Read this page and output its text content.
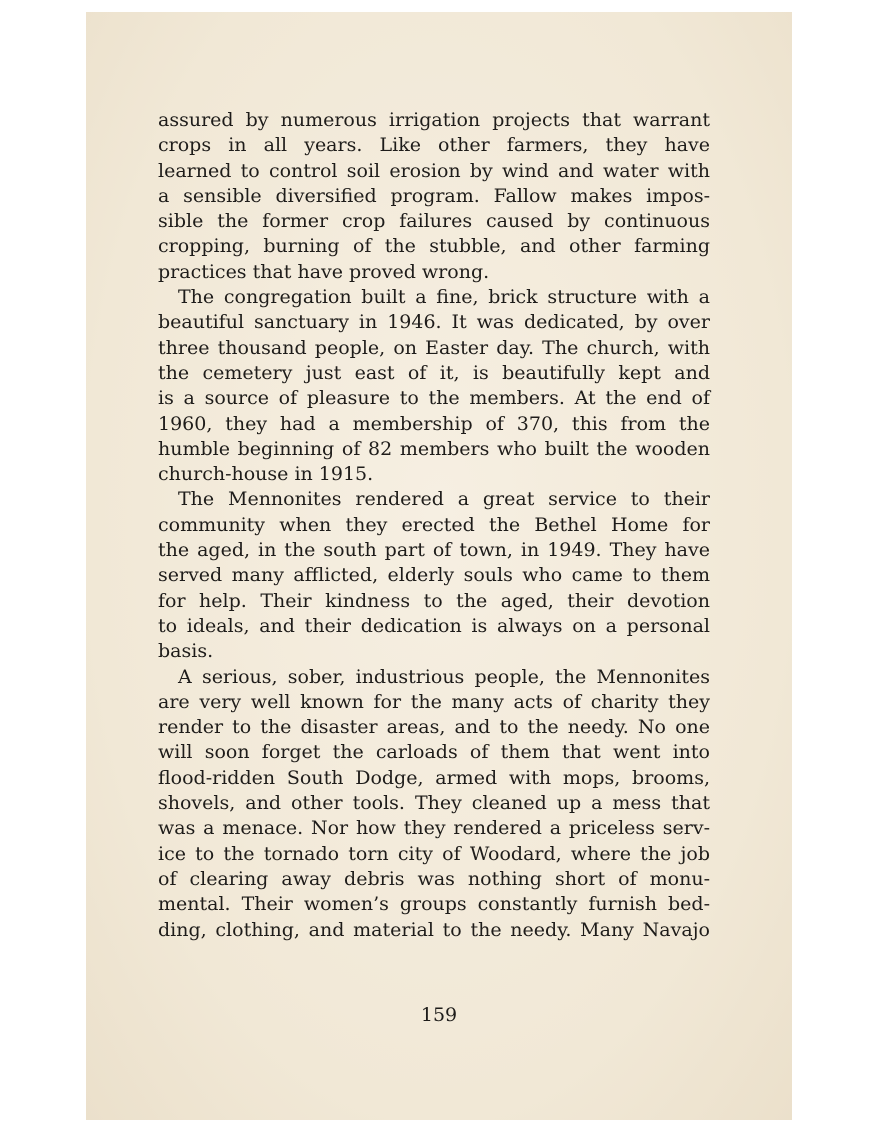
assured by numerous irrigation projects that warrant
crops in all years. Like other farmers, they have
learned to control soil erosion by wind and water with
a sensible diversified program. Fallow makes impos-
sible the former crop failures caused by continuous
cropping, burning of the stubble, and other farming
practices that have proved wrong.
The congregation built a fine, brick structure with a
beautiful sanctuary in 1946. It was dedicated, by over
three thousand people, on Easter day. The church, with
the cemetery just east of it, is beautifully kept and
is a source of pleasure to the members. At the end of
1960, they had a membership of 370, this from the
humble beginning of 82 members who built the wooden
church-house in 1915.
The Mennonites rendered a great service to their
community when they erected the Bethel Home for
the aged, in the south part of town, in 1949. They have
served many afflicted, elderly souls who came to them
for help. Their kindness to the aged, their devotion
to ideals, and their dedication is always on a personal
basis.
A serious, sober, industrious people, the Mennonites
are very well known for the many acts of charity they
render to the disaster areas, and to the needy. No one
will soon forget the carloads of them that went into
flood-ridden South Dodge, armed with mops, brooms,
shovels, and other tools. They cleaned up a mess that
was a menace. Nor how they rendered a priceless serv-
ice to the tornado torn city of Woodard, where the job
of clearing away debris was nothing short of monu-
mental. Their women’s groups constantly furnish bed-
ding, clothing, and material to the needy. Many Navajo
159
